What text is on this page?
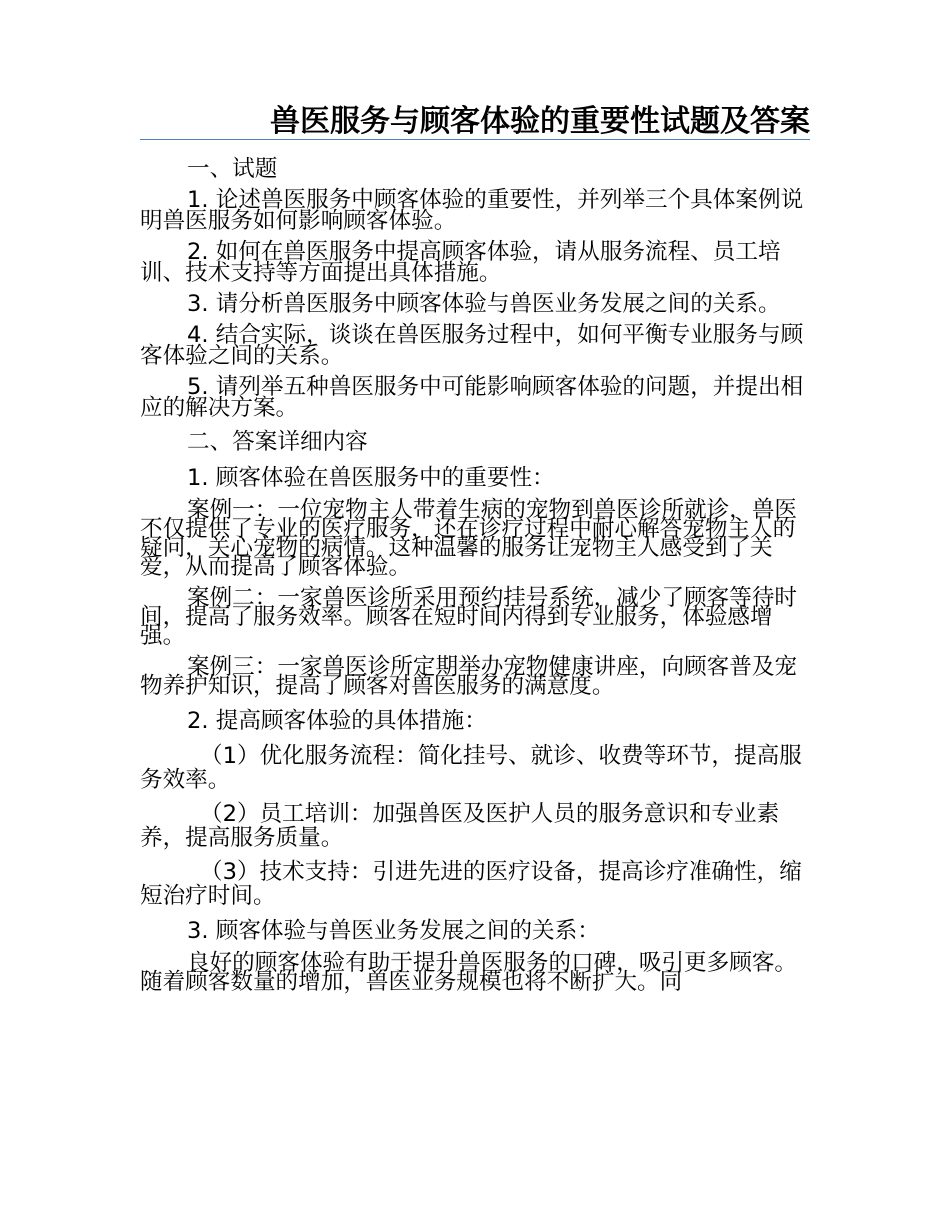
兽医服务与顾客体验的重要性试题及答案

一、试题

1. 论述兽医服务中顾客体验的重要性，并列举三个具体案例说明兽医服务如何影响顾客体验。

2. 如何在兽医服务中提高顾客体验，请从服务流程、员工培训、技术支持等方面提出具体措施。

3. 请分析兽医服务中顾客体验与兽医业务发展之间的关系。

4. 结合实际，谈谈在兽医服务过程中，如何平衡专业服务与顾客体验之间的关系。

5. 请列举五种兽医服务中可能影响顾客体验的问题，并提出相应的解决方案。

二、答案详细内容

1. 顾客体验在兽医服务中的重要性：

案例一：一位宠物主人带着生病的宠物到兽医诊所就诊，兽医不仅提供了专业的医疗服务，还在诊疗过程中耐心解答宠物主人的疑问，关心宠物的病情。这种温馨的服务让宠物主人感受到了关爱，从而提高了顾客体验。

案例二：一家兽医诊所采用预约挂号系统，减少了顾客等待时间，提高了服务效率。顾客在短时间内得到专业服务，体验感增强。

案例三：一家兽医诊所定期举办宠物健康讲座，向顾客普及宠物养护知识，提高了顾客对兽医服务的满意度。

2. 提高顾客体验的具体措施：

（1）优化服务流程：简化挂号、就诊、收费等环节，提高服务效率。

（2）员工培训：加强兽医及医护人员的服务意识和专业素养，提高服务质量。

（3）技术支持：引进先进的医疗设备，提高诊疗准确性，缩短治疗时间。

3. 顾客体验与兽医业务发展之间的关系：

良好的顾客体验有助于提升兽医服务的口碑，吸引更多顾客。随着顾客数量的增加，兽医业务规模也将不断扩大。同
